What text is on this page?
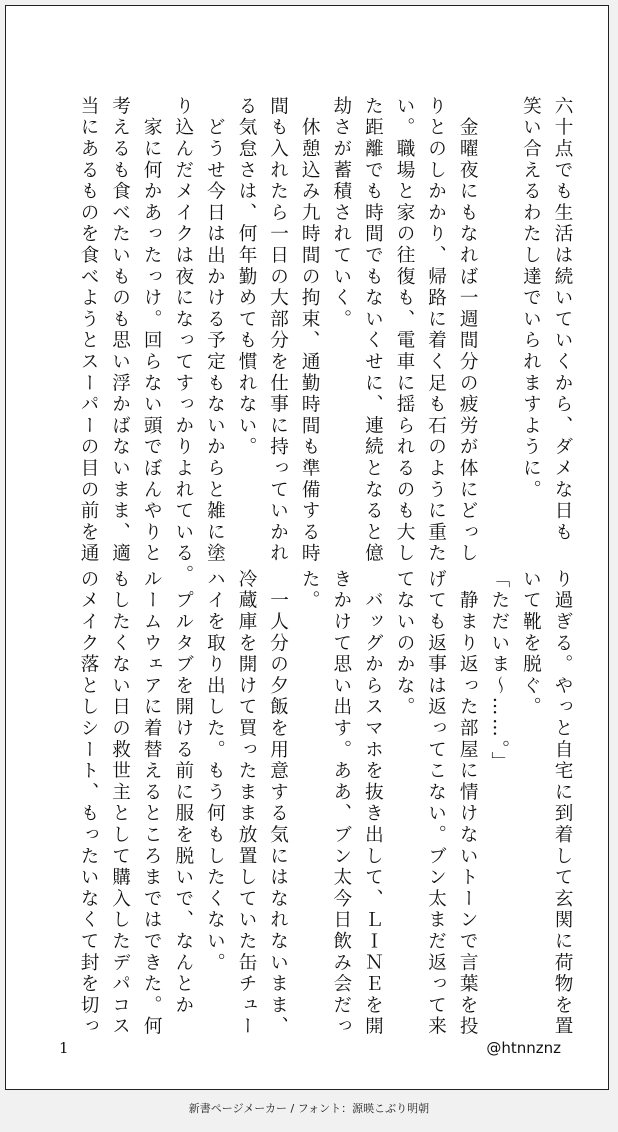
六十点でも生活は続いていくから、ダメな日も
笑い合えるわたし達でいられますように。
　金曜夜にもなれば一週間分の疲労が体にどっし
りとのしかかり、帰路に着く足も石のように重た
い。職場と家の往復も、電車に揺られるのも大し
た距離でも時間でもないくせに、連続となると億
劫さが蓄積されていく。
　休憩込み九時間の拘束、通勤時間も準備する時
間も入れたら一日の大部分を仕事に持っていかれ
る気怠さは、何年勤めても慣れない。
　どうせ今日は出かける予定もないからと雑に塗
り込んだメイクは夜になってすっかりよれている。
　家に何かあったっけ。回らない頭でぼんやりと
考えるも食べたいものも思い浮かばないまま、適
当にあるものを食べようとスーパーの目の前を通
り過ぎる。やっと自宅に到着して玄関に荷物を置
いて靴を脱ぐ。
「ただいま〜……。」
　静まり返った部屋に情けないトーンで言葉を投
げても返事は返ってこない。ブン太まだ返って来
てないのかな。
　バッグからスマホを抜き出して、ＬＩＮＥを開
きかけて思い出す。ああ、ブン太今日飲み会だっ
た。
　一人分の夕飯を用意する気にはなれないまま、
冷蔵庫を開けて買ったまま放置していた缶チュー
ハイを取り出した。もう何もしたくない。
　プルタブを開ける前に服を脱いで、なんとか
ルームウェアに着替えるところまではできた。何
もしたくない日の救世主として購入したデパコス
のメイク落としシート、もったいなくて封を切っ
1	@htnnznz
新書ページメーカー / フォント：源暎こぶり明朝
